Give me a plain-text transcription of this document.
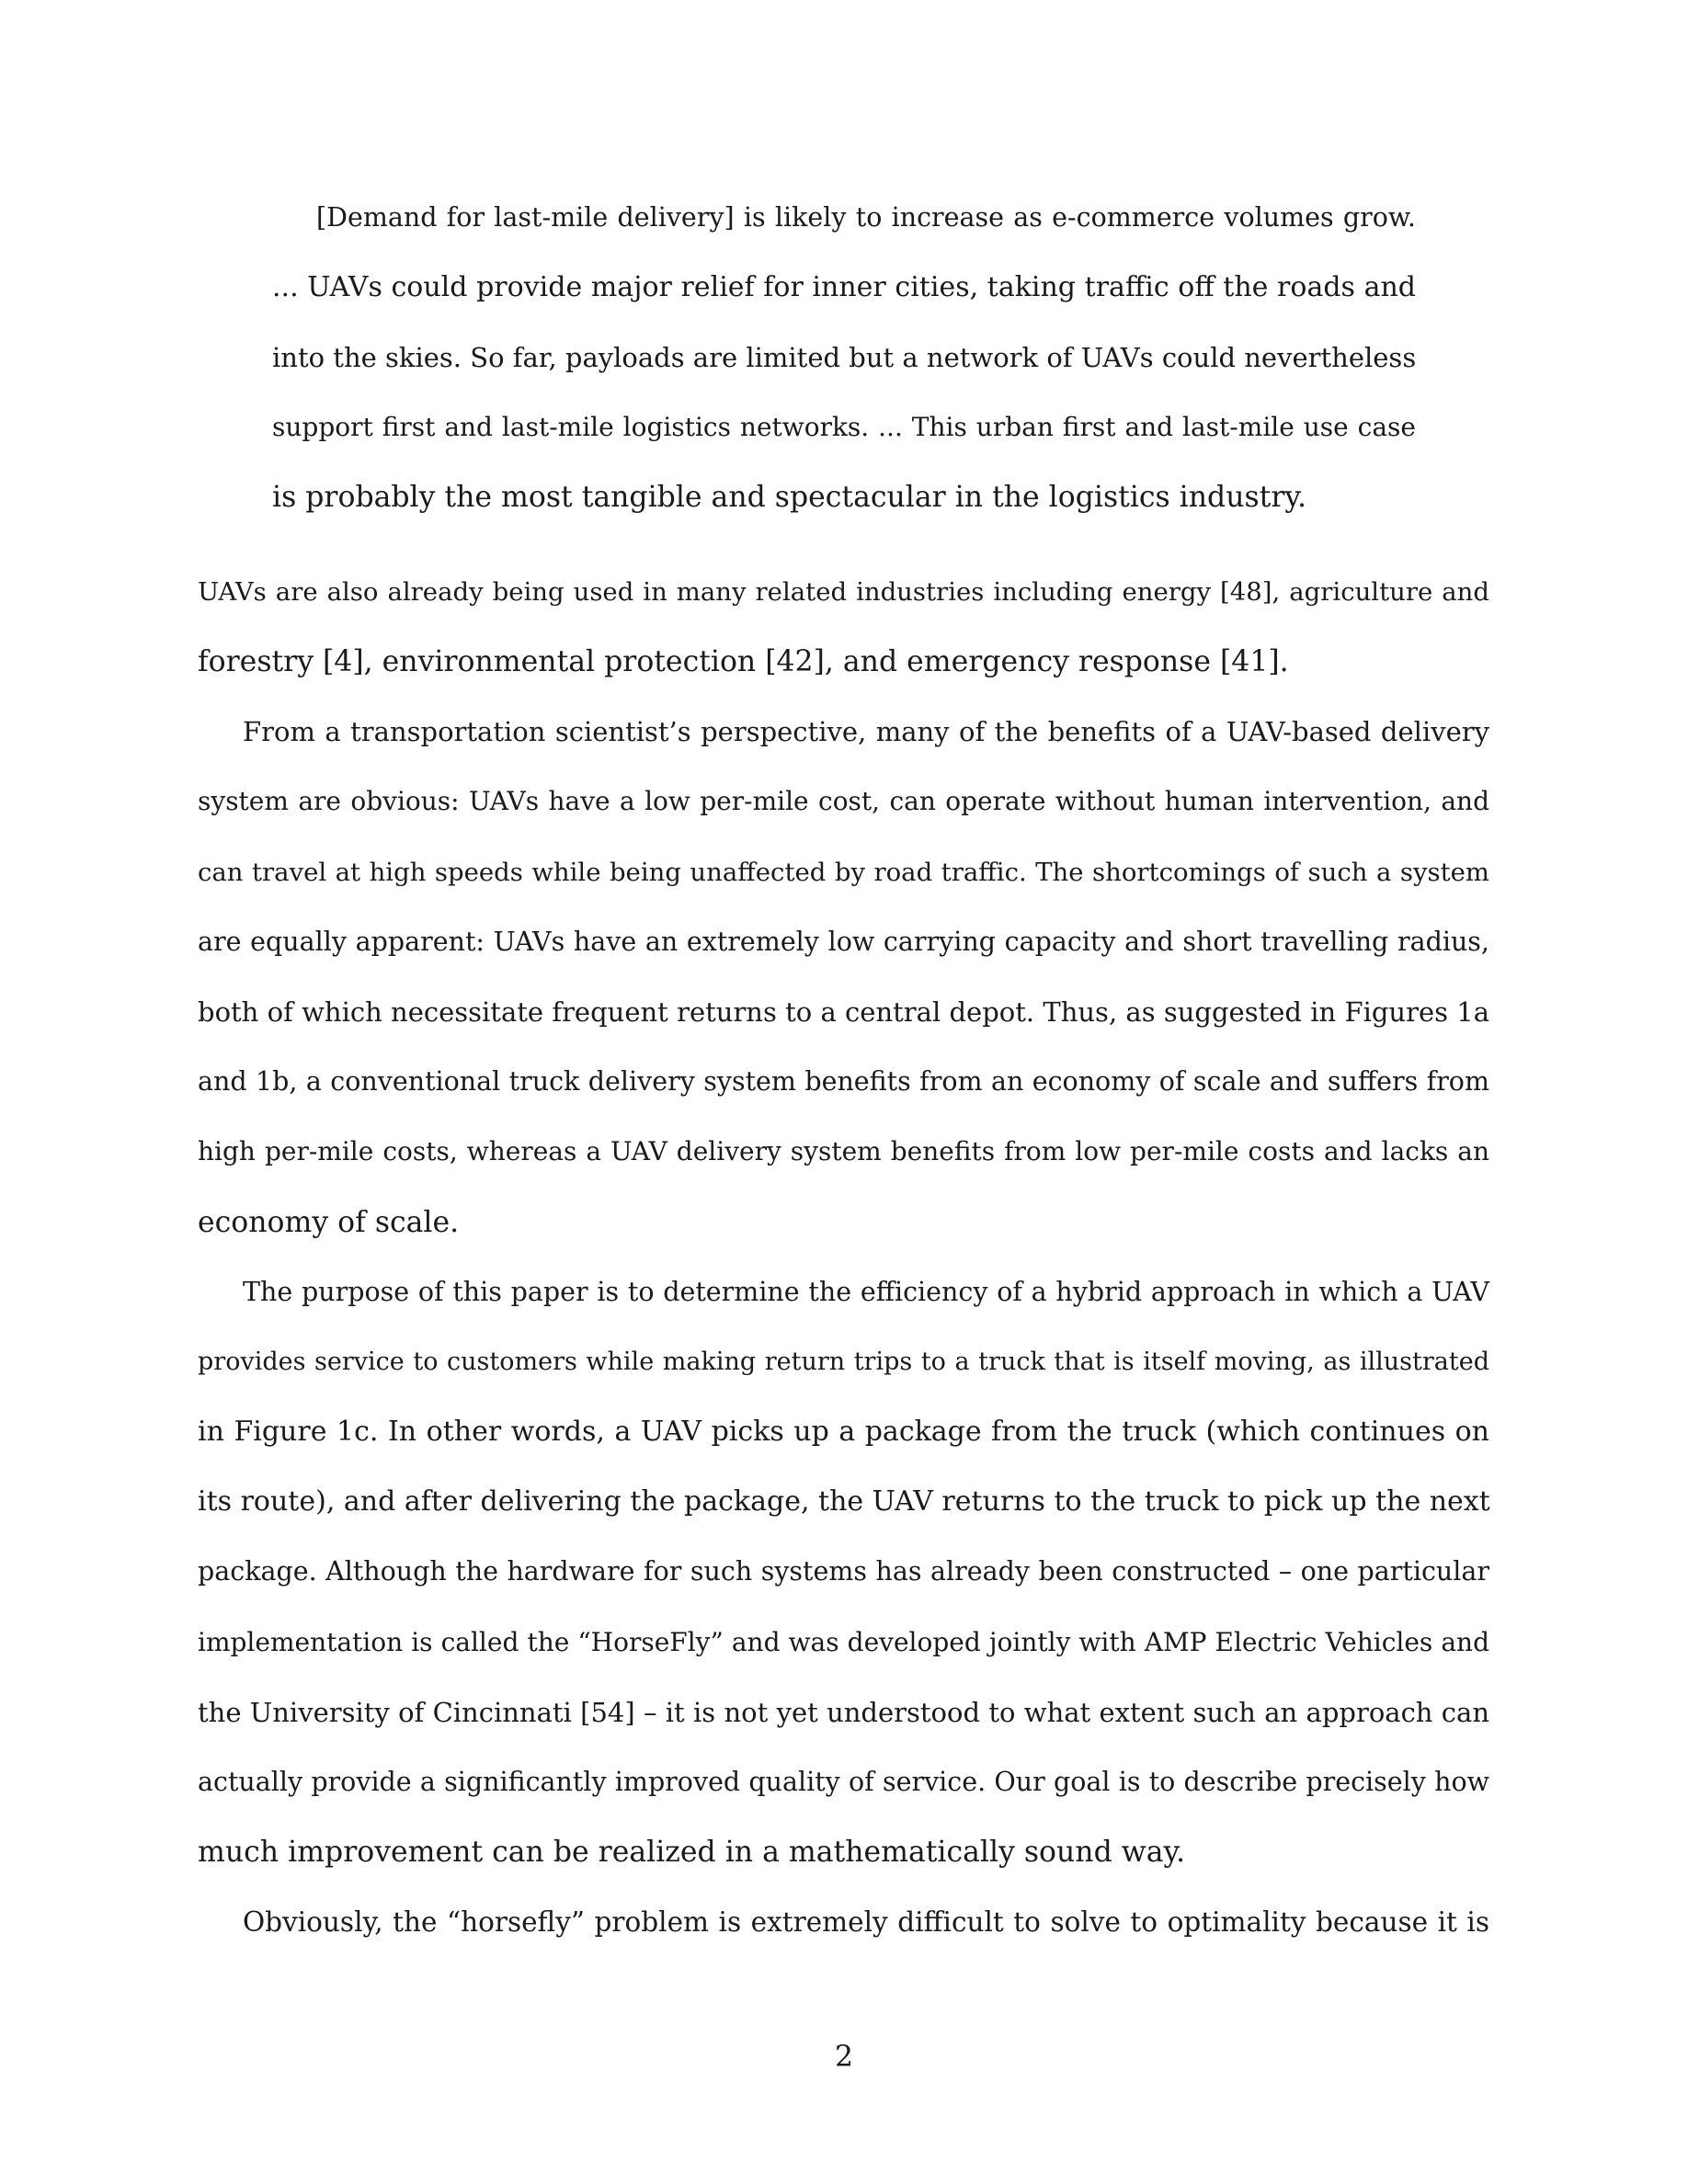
[Demand for last-mile delivery] is likely to increase as e-commerce volumes grow.

... UAVs could provide major relief for inner cities, taking traffic off the roads and

into the skies. So far, payloads are limited but a network of UAVs could nevertheless

support first and last-mile logistics networks. ... This urban first and last-mile use case

is probably the most tangible and spectacular in the logistics industry.

UAVs are also already being used in many related industries including energy [48], agriculture and

forestry [4], environmental protection [42], and emergency response [41].

From a transportation scientist’s perspective, many of the benefits of a UAV-based delivery

system are obvious: UAVs have a low per-mile cost, can operate without human intervention, and

can travel at high speeds while being unaffected by road traffic. The shortcomings of such a system

are equally apparent: UAVs have an extremely low carrying capacity and short travelling radius,

both of which necessitate frequent returns to a central depot. Thus, as suggested in Figures 1a

and 1b, a conventional truck delivery system benefits from an economy of scale and suffers from

high per-mile costs, whereas a UAV delivery system benefits from low per-mile costs and lacks an

economy of scale.

The purpose of this paper is to determine the efficiency of a hybrid approach in which a UAV

provides service to customers while making return trips to a truck that is itself moving, as illustrated

in Figure 1c. In other words, a UAV picks up a package from the truck (which continues on

its route), and after delivering the package, the UAV returns to the truck to pick up the next

package. Although the hardware for such systems has already been constructed – one particular

implementation is called the “HorseFly” and was developed jointly with AMP Electric Vehicles and

the University of Cincinnati [54] – it is not yet understood to what extent such an approach can

actually provide a significantly improved quality of service. Our goal is to describe precisely how

much improvement can be realized in a mathematically sound way.

Obviously, the “horsefly” problem is extremely difficult to solve to optimality because it is

2
